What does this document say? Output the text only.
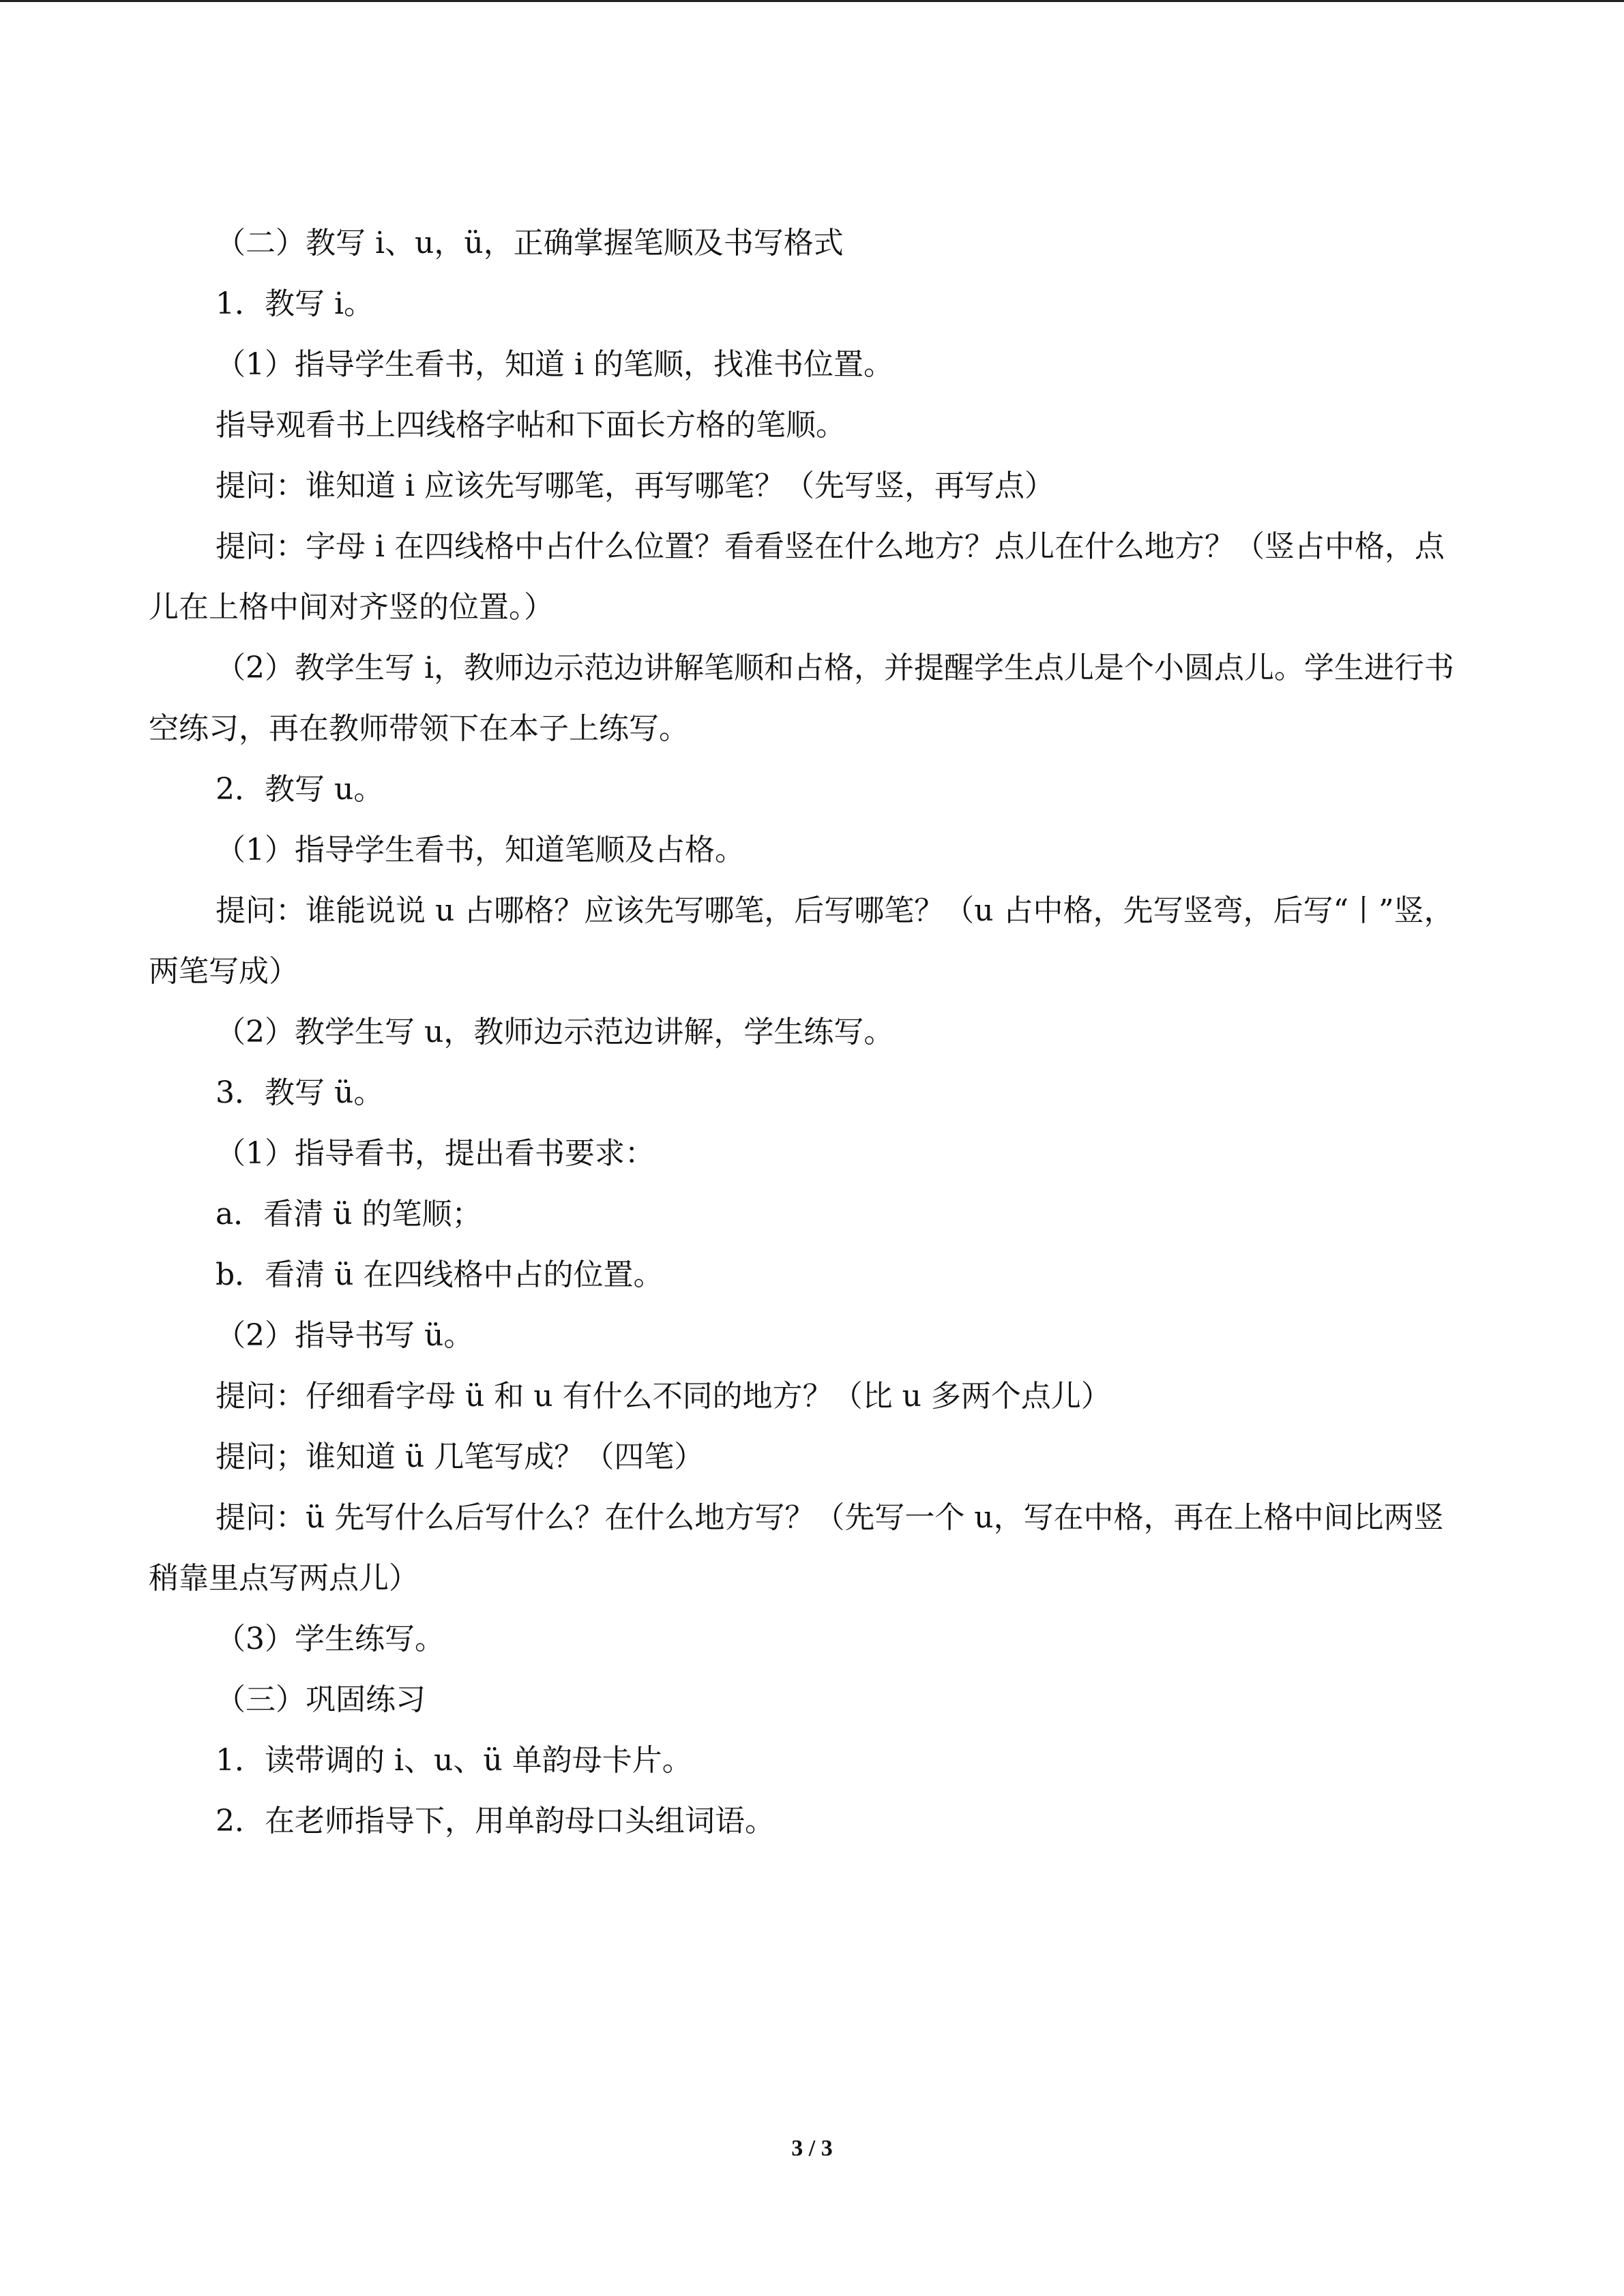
（二）教写 i、u，ü，正确掌握笔顺及书写格式

1．教写 i。

（1）指导学生看书，知道 i 的笔顺，找准书位置。

指导观看书上四线格字帖和下面长方格的笔顺。

提问：谁知道 i 应该先写哪笔，再写哪笔？（先写竖，再写点）

提问：字母 i 在四线格中占什么位置？看看竖在什么地方？点儿在什么地方？（竖占中格，点儿在上格中间对齐竖的位置。）

（2）教学生写 i，教师边示范边讲解笔顺和占格，并提醒学生点儿是个小圆点儿。学生进行书空练习，再在教师带领下在本子上练写。

2．教写 u。

（1）指导学生看书，知道笔顺及占格。

提问：谁能说说 u 占哪格？应该先写哪笔，后写哪笔？（u 占中格，先写竖弯，后写“丨”竖，两笔写成）

（2）教学生写 u，教师边示范边讲解，学生练写。

3．教写 ü。

（1）指导看书，提出看书要求：

a．看清 ü 的笔顺；

b．看清 ü 在四线格中占的位置。

（2）指导书写 ü。

提问：仔细看字母 ü 和 u 有什么不同的地方？（比 u 多两个点儿）

提问；谁知道 ü 几笔写成？（四笔）

提问：ü 先写什么后写什么？在什么地方写？（先写一个 u，写在中格，再在上格中间比两竖稍靠里点写两点儿）

（3）学生练写。

（三）巩固练习

1．读带调的 i、u、ü 单韵母卡片。

2．在老师指导下，用单韵母口头组词语。

3 / 3
